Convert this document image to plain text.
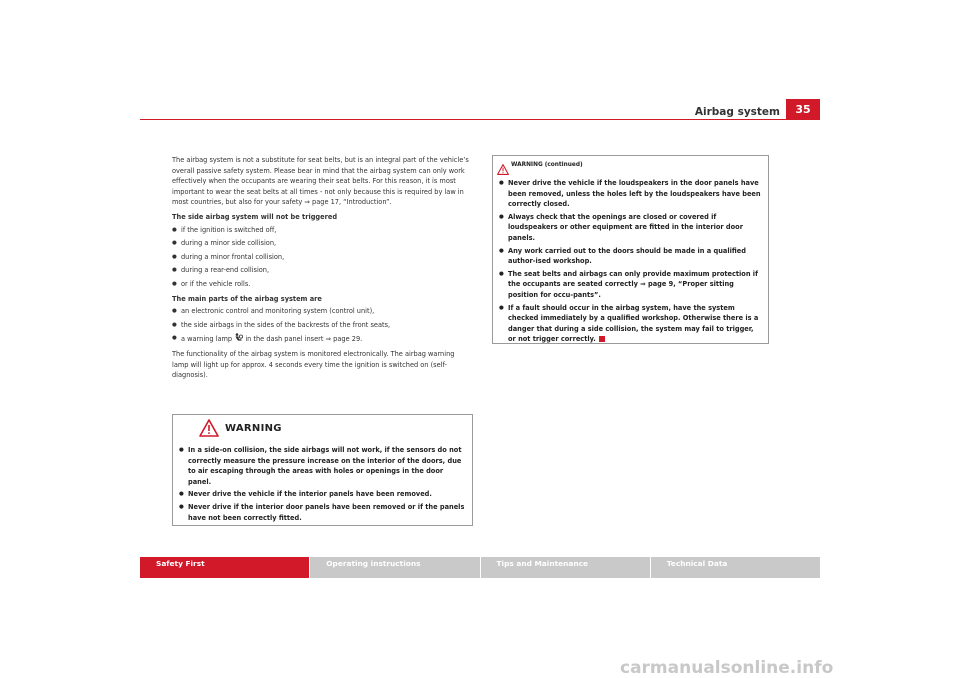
Airbag system	35

The airbag system is not a substitute for seat belts, but is an integral part of the vehicle’s overall passive safety system. Please bear in mind that the airbag system can only work effectively when the occupants are wearing their seat belts. For this reason, it is most important to wear the seat belts at all times - not only because this is required by law in most countries, but also for your safety ⇒ page 17, “Introduction”.

The side airbag system will not be triggered
● if the ignition is switched off,
● during a minor side collision,
● during a minor frontal collision,
● during a rear-end collision,
● or if the vehicle rolls.
The main parts of the airbag system are
● an electronic control and monitoring system (control unit),
● the side airbags in the sides of the backrests of the front seats,
● a warning lamp  in the dash panel insert ⇒ page 29.

The functionality of the airbag system is monitored electronically. The airbag warning lamp will light up for approx. 4 seconds every time the ignition is switched on (self-diagnosis).

WARNING
● In a side-on collision, the side airbags will not work, if the sensors do not correctly measure the pressure increase on the interior of the doors, due to air escaping through the areas with holes or openings in the door panel.
● Never drive the vehicle if the interior panels have been removed.
● Never drive if the interior door panels have been removed or if the panels have not been correctly fitted.
WARNING (continued)
● Never drive the vehicle if the loudspeakers in the door panels have been removed, unless the holes left by the loudspeakers have been correctly closed.
● Always check that the openings are closed or covered if loudspeakers or other equipment are fitted in the interior door panels.
● Any work carried out to the doors should be made in a qualified author-ised workshop.
● The seat belts and airbags can only provide maximum protection if the occupants are seated correctly ⇒ page 9, “Proper sitting position for occu-pants”.
● If a fault should occur in the airbag system, have the system checked immediately by a qualified workshop. Otherwise there is a danger that during a side collision, the system may fail to trigger, or not trigger correctly.
Safety First	Operating instructions	Tips and Maintenance	Technical Data
carmanualsonline.info
